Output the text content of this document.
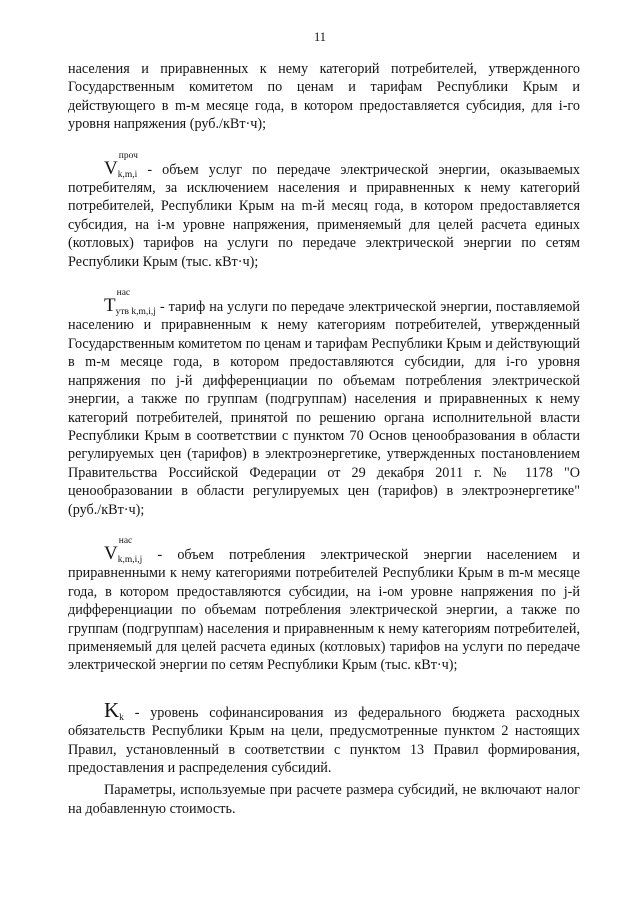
11

населения и приравненных к нему категорий потребителей, утвержденного Государственным комитетом по ценам и тарифам Республики Крым и действующего в m-м месяце года, в котором предоставляется субсидия, для i-го уровня напряжения (руб./кВт·ч);

V
проч
k,m,i - объем услуг по передаче электрической энергии, оказываемых потребителям, за исключением населения и приравненных к нему категорий потребителей, Республики Крым на m-й месяц года, в котором предоставляется субсидия, на i-м уровне напряжения, применяемый для целей расчета единых (котловых) тарифов на услуги по передаче электрической энергии по сетям Республики Крым (тыс. кВт·ч);

T
нас
утв k,m,i,j - тариф на услуги по передаче электрической энергии, поставляемой населению и приравненным к нему категориям потребителей, утвержденный Государственным комитетом по ценам и тарифам Республики Крым и действующий в m-м месяце года, в котором предоставляются субсидии, для i-го уровня напряжения по j-й дифференциации по объемам потребления электрической энергии, а также по группам (подгруппам) населения и приравненных к нему категорий потребителей, принятой по решению органа исполнительной власти Республики Крым в соответствии с пунктом 70 Основ ценообразования в области регулируемых цен (тарифов) в электроэнергетике, утвержденных постановлением Правительства Российской Федерации от 29 декабря 2011 г. № 1178 "О ценообразовании в области регулируемых цен (тарифов) в электроэнергетике" (руб./кВт·ч);

V
нас
k,m,i,j - объем потребления электрической энергии населением и приравненными к нему категориями потребителей Республики Крым в m-м месяце года, в котором предоставляются субсидии, на i-ом уровне напряжения по j-й дифференциации по объемам потребления электрической энергии, а также по группам (подгруппам) населения и приравненным к нему категориям потребителей, применяемый для целей расчета единых (котловых) тарифов на услуги по передаче электрической энергии по сетям Республики Крым (тыс. кВт·ч);

Kk - уровень софинансирования из федерального бюджета расходных обязательств Республики Крым на цели, предусмотренные пунктом 2 настоящих Правил, установленный в соответствии с пунктом 13 Правил формирования, предоставления и распределения субсидий.

Параметры, используемые при расчете размера субсидий, не включают налог на добавленную стоимость.
